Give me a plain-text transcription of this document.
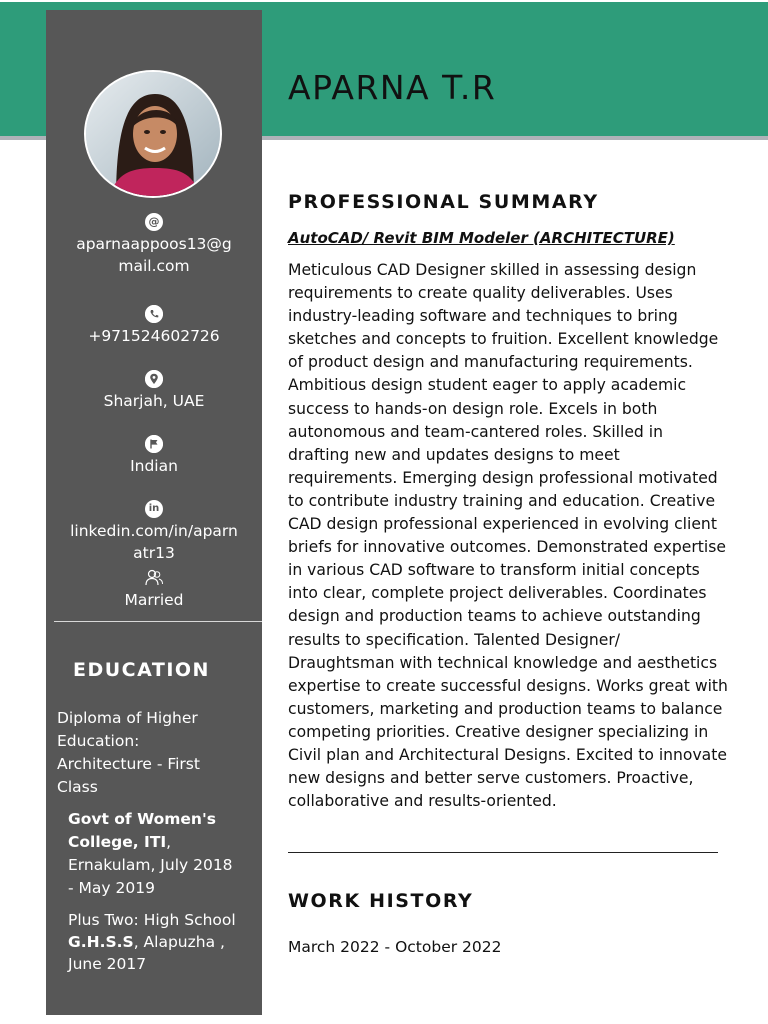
APARNA T.R
@
aparnaappoos13@gmail.com
+971524602726
Sharjah, UAE
Indian
in
linkedin.com/in/aparnatr13
Married
EDUCATION

Diploma of Higher Education: Architecture - First Class

Govt of Women's College, ITI, Ernakulam, July 2018 - May 2019

Plus Two: High School G.H.S.S, Alapuzha , June 2017

PROFESSIONAL SUMMARY
AutoCAD/ Revit BIM Modeler (ARCHITECTURE)

Meticulous CAD Designer skilled in assessing design requirements to create quality deliverables. Uses industry-leading software and techniques to bring sketches and concepts to fruition. Excellent knowledge of product design and manufacturing requirements. Ambitious design student eager to apply academic success to hands-on design role. Excels in both autonomous and team-cantered roles. Skilled in drafting new and updates designs to meet requirements. Emerging design professional motivated to contribute industry training and education. Creative CAD design professional experienced in evolving client briefs for innovative outcomes. Demonstrated expertise in various CAD software to transform initial concepts into clear, complete project deliverables. Coordinates design and production teams to achieve outstanding results to specification. Talented Designer/ Draughtsman with technical knowledge and aesthetics expertise to create successful designs. Works great with customers, marketing and production teams to balance competing priorities. Creative designer specializing in Civil plan and Architectural Designs. Excited to innovate new designs and better serve customers. Proactive, collaborative and results-oriented.

WORK HISTORY
March 2022 - October 2022
